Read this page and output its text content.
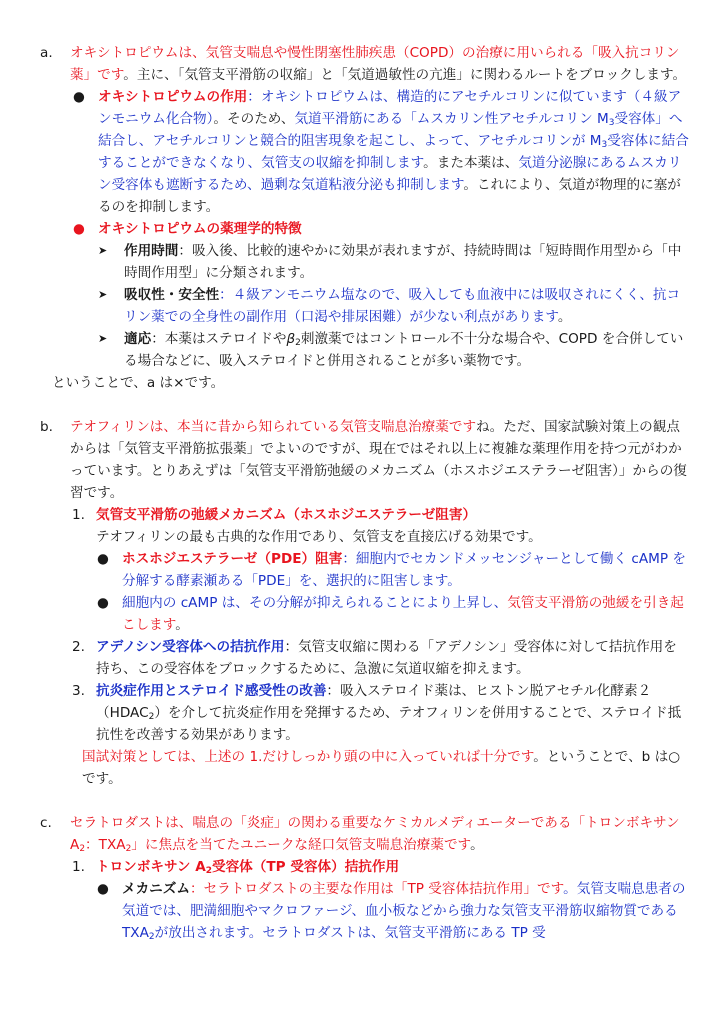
a.	オキシトロピウムは、気管支喘息や慢性閉塞性肺疾患（COPD）の治療に用いられる「吸入抗コリン薬」です。主に、「気管支平滑筋の収縮」と「気道過敏性の亢進」に関わるルートをブロックします。

● オキシトロピウムの作用：オキシトロピウムは、構造的にアセチルコリンに似ています（４級アンモニウム化合物）。そのため、気道平滑筋にある「ムスカリン性アセチルコリン $M_3$受容体」へ結合し、アセチルコリンと競合的阻害現象を起こし、よって、アセチルコリンが $M_3$受容体に結合することができなくなり、気管支の収縮を抑制します。また本薬は、気道分泌腺にあるムスカリン受容体も遮断するため、過剰な気道粘液分泌も抑制します。これにより、気道が物理的に塞がるのを抑制します。
● オキシトロピウムの薬理学的特徴
➤	作用時間：吸入後、比較的速やかに効果が表れますが、持続時間は「短時間作用型から「中時間作用型」に分類されます。
➤	吸収性・安全性：４級アンモニウム塩なので、吸入しても血液中には吸収されにくく、抗コリン薬での全身性の副作用（口渇や排尿困難）が少ない利点があります。
➤	適応：本薬はステロイドや$\beta_2$刺激薬ではコントロール不十分な場合や、COPD を合併している場合などに、吸入ステロイドと併用されることが多い薬物です。

ということで、a は×です。

b.	テオフィリンは、本当に昔から知られている気管支喘息治療薬ですね。ただ、国家試験対策上の観点からは「気管支平滑筋拡張薬」でよいのですが、現在ではそれ以上に複雑な薬理作用を持つ元がわかっています。とりあえずは「気管支平滑筋弛緩のメカニズム（ホスホジエステラーゼ阻害）」からの復習です。

1. 気管支平滑筋の弛緩メカニズム（ホスホジエステラーゼ阻害）
テオフィリンの最も古典的な作用であり、気管支を直接広げる効果です。
● ホスホジエステラーゼ（PDE）阻害：細胞内でセカンドメッセンジャーとして働く cAMP を分解する酵素瀬ある「PDE」を、選択的に阻害します。
● 細胞内の cAMP は、その分解が抑えられることにより上昇し、気管支平滑筋の弛緩を引き起こします。
2. アデノシン受容体への拮抗作用：気管支収縮に関わる「アデノシン」受容体に対して拮抗作用を持ち、この受容体をブロックするために、急激に気道収縮を抑えます。
3. 抗炎症作用とステロイド感受性の改善：吸入ステロイド薬は、ヒストン脱アセチル化酵素$2(HDAC_2)$を介して抗炎症作用を発揮するため、テオフィリンを併用することで、ステロイド抵抗性を改善する効果があります。

国試対策としては、上述の 1.だけしっかり頭の中に入っていれば十分です。ということで、b は○です。

c.	セラトロダストは、喘息の「炎症」の関わる重要なケミカルメディエーターである「トロンボキサン $A_2$：$TXA_2$」に焦点を当てたユニークな経口気管支喘息治療薬です。

1. トロンボキサン $A_2$受容体（TP 受容体）拮抗作用
● メカニズム：セラトロダストの主要な作用は「TP 受容体拮抗作用」です。気管支喘息患者の気道では、肥満細胞やマクロファージ、血小板などから強力な気管支平滑筋収縮物質である $TXA_2$が放出されます。セラトロダストは、気管支平滑筋にある TP 受
